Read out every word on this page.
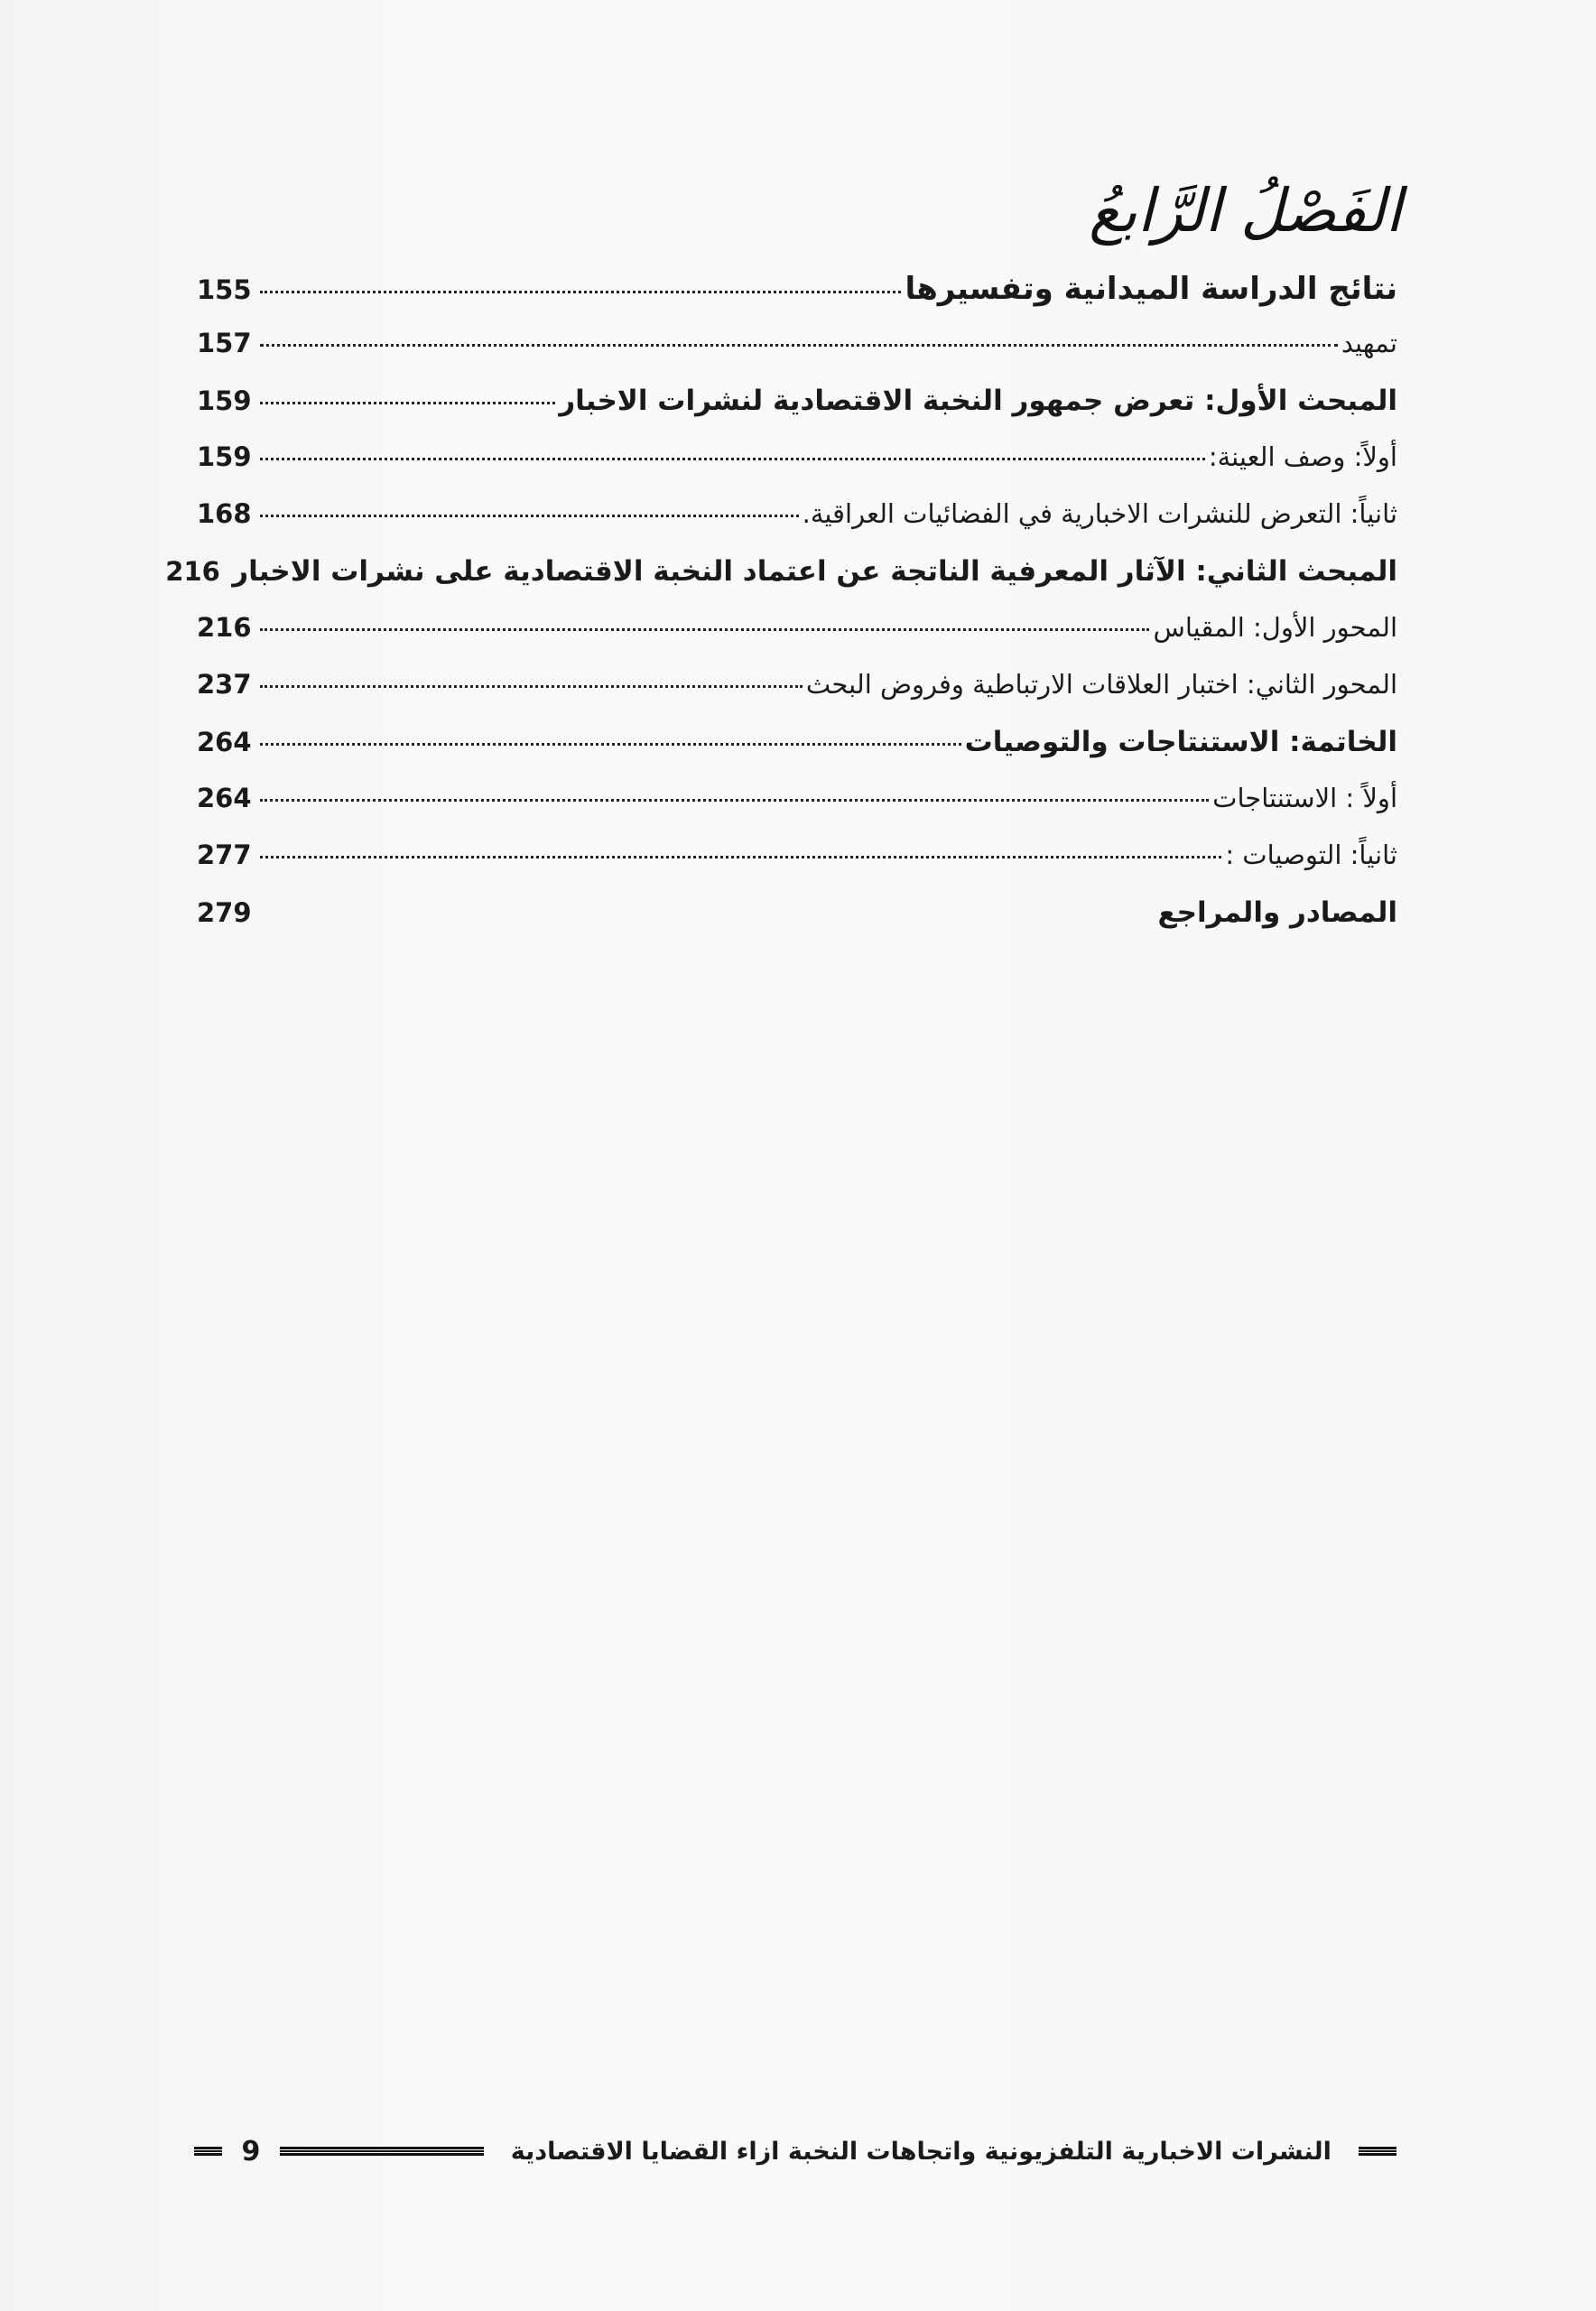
الفَصْلُ الرَّابعُ
نتائج الدراسة الميدانية وتفسيرها
155
تمهيد
157
المبحث الأول: تعرض جمهور النخبة الاقتصادية لنشرات الاخبار
159
أولاً: وصف العينة:
159
ثانياً: التعرض للنشرات الاخبارية في الفضائيات العراقية.
168
المبحث الثاني: الآثار المعرفية الناتجة عن اعتماد النخبة الاقتصادية على نشرات الاخبار
216
المحور الأول: المقياس
216
المحور الثاني: اختبار العلاقات الارتباطية وفروض البحث
237
الخاتمة: الاستنتاجات والتوصيات
264
أولاً : الاستنتاجات
264
ثانياً: التوصيات :
277
المصادر والمراجع
279
النشرات الاخبارية التلفزيونية واتجاهات النخبة ازاء القضايا الاقتصادية
9
